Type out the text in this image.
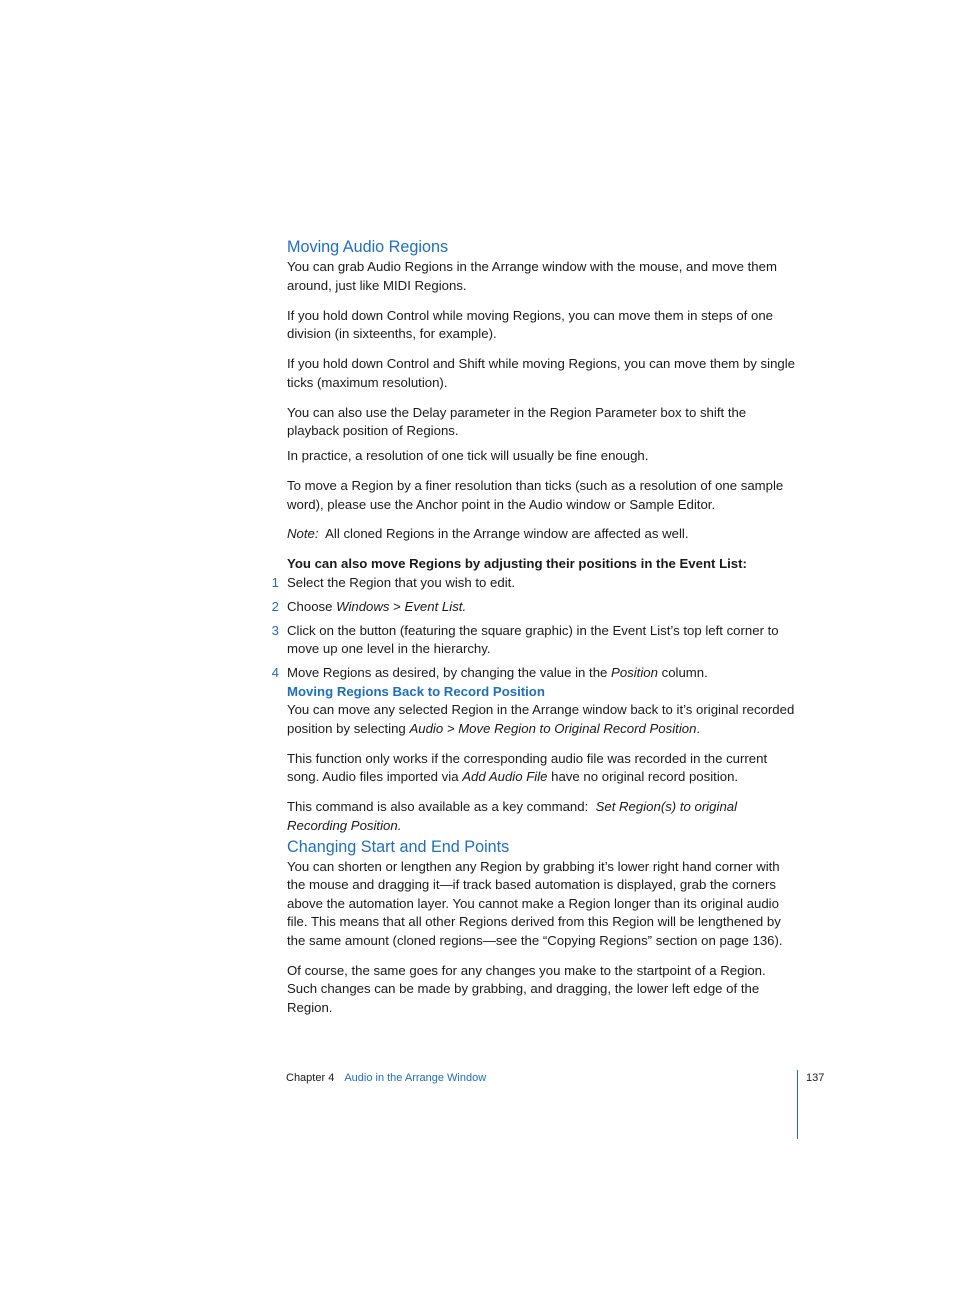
Moving Audio Regions

You can grab Audio Regions in the Arrange window with the mouse, and move them around, just like MIDI Regions.

If you hold down Control while moving Regions, you can move them in steps of one division (in sixteenths, for example).

If you hold down Control and Shift while moving Regions, you can move them by single ticks (maximum resolution).

You can also use the Delay parameter in the Region Parameter box to shift the playback position of Regions.

In practice, a resolution of one tick will usually be fine enough.

To move a Region by a finer resolution than ticks (such as a resolution of one sample word), please use the Anchor point in the Audio window or Sample Editor.

Note: All cloned Regions in the Arrange window are affected as well.

You can also move Regions by adjusting their positions in the Event List:

1 Select the Region that you wish to edit.
2 Choose Windows > Event List.
3 Click on the button (featuring the square graphic) in the Event List’s top left corner to move up one level in the hierarchy.
4 Move Regions as desired, by changing the value in the Position column.
Moving Regions Back to Record Position

You can move any selected Region in the Arrange window back to it’s original recorded position by selecting Audio > Move Region to Original Record Position.

This function only works if the corresponding audio file was recorded in the current song. Audio files imported via Add Audio File have no original record position.

This command is also available as a key command:  Set Region(s) to original Recording Position.

Changing Start and End Points

You can shorten or lengthen any Region by grabbing it’s lower right hand corner with the mouse and dragging it—if track based automation is displayed, grab the corners above the automation layer. You cannot make a Region longer than its original audio file. This means that all other Regions derived from this Region will be lengthened by the same amount (cloned regions—see the “Copying Regions” section on page 136).

Of course, the same goes for any changes you make to the startpoint of a Region. Such changes can be made by grabbing, and dragging, the lower left edge of the Region.

Chapter 4 Audio in the Arrange Window	137
